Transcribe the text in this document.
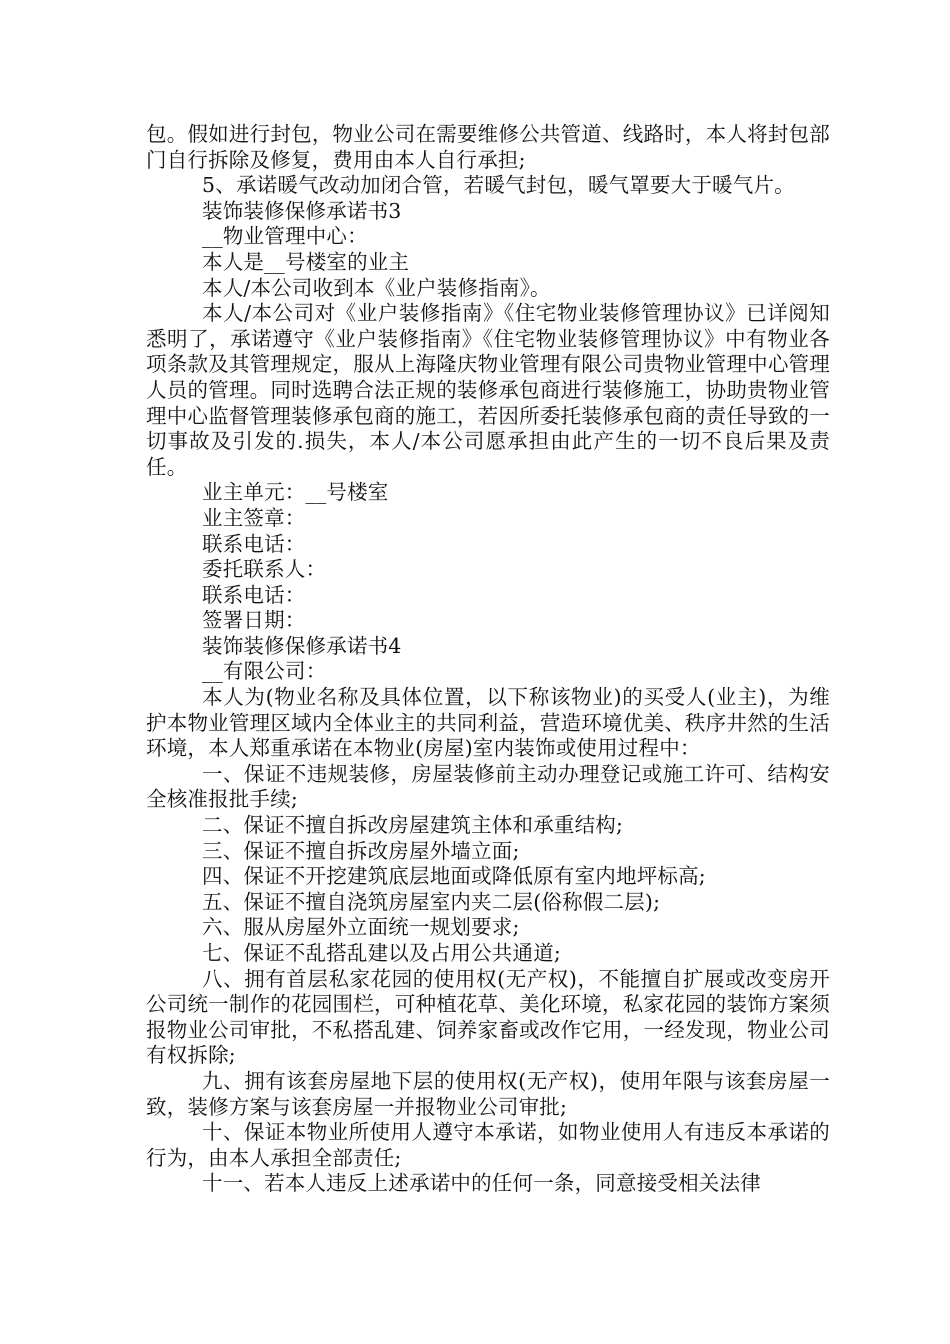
包。假如进行封包，物业公司在需要维修公共管道、线路时，本人将封包部门自行拆除及修复，费用由本人自行承担;

5、承诺暖气改动加闭合管，若暖气封包，暖气罩要大于暖气片。

装饰装修保修承诺书3

__物业管理中心：

本人是__号楼室的业主

本人/本公司收到本《业户装修指南》。

本人/本公司对《业户装修指南》《住宅物业装修管理协议》已详阅知悉明了，承诺遵守《业户装修指南》《住宅物业装修管理协议》中有物业各项条款及其管理规定，服从上海隆庆物业管理有限公司贵物业管理中心管理人员的管理。同时选聘合法正规的装修承包商进行装修施工，协助贵物业管理中心监督管理装修承包商的施工，若因所委托装修承包商的责任导致的一切事故及引发的.损失，本人/本公司愿承担由此产生的一切不良后果及责任。

业主单元：__号楼室

业主签章：

联系电话：

委托联系人：

联系电话：

签署日期：

装饰装修保修承诺书4

__有限公司：

本人为(物业名称及具体位置，以下称该物业)的买受人(业主)，为维护本物业管理区域内全体业主的共同利益，营造环境优美、秩序井然的生活环境，本人郑重承诺在本物业(房屋)室内装饰或使用过程中：

一、保证不违规装修，房屋装修前主动办理登记或施工许可、结构安全核准报批手续;

二、保证不擅自拆改房屋建筑主体和承重结构;

三、保证不擅自拆改房屋外墙立面;

四、保证不开挖建筑底层地面或降低原有室内地坪标高;

五、保证不擅自浇筑房屋室内夹二层(俗称假二层);

六、服从房屋外立面统一规划要求;

七、保证不乱搭乱建以及占用公共通道;

八、拥有首层私家花园的使用权(无产权)，不能擅自扩展或改变房开公司统一制作的花园围栏，可种植花草、美化环境，私家花园的装饰方案须报物业公司审批，不私搭乱建、饲养家畜或改作它用，一经发现，物业公司有权拆除;

九、拥有该套房屋地下层的使用权(无产权)，使用年限与该套房屋一致，装修方案与该套房屋一并报物业公司审批;

十、保证本物业所使用人遵守本承诺，如物业使用人有违反本承诺的行为，由本人承担全部责任;

十一、若本人违反上述承诺中的任何一条，同意接受相关法律
